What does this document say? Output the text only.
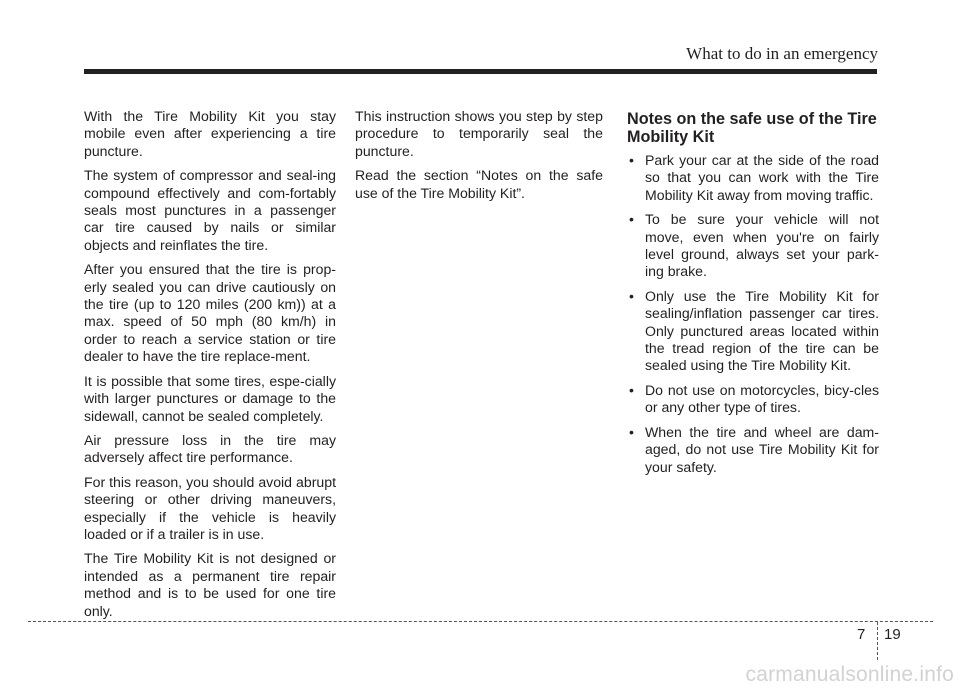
What to do in an emergency

With the Tire Mobility Kit you stay mobile even after experiencing a tire puncture.

The system of compressor and seal-ing compound effectively and com-fortably seals most punctures in a passenger car tire caused by nails or similar objects and reinflates the tire.

After you ensured that the tire is prop-erly sealed you can drive cautiously on the tire (up to 120 miles (200 km)) at a max. speed of 50 mph (80 km/h) in order to reach a service station or tire dealer to have the tire replace-ment.

It is possible that some tires, espe-cially with larger punctures or damage to the sidewall, cannot be sealed completely.

Air pressure loss in the tire may adversely affect tire performance.

For this reason, you should avoid abrupt steering or other driving maneuvers, especially if the vehicle is heavily loaded or if a trailer is in use.

The Tire Mobility Kit is not designed or intended as a permanent tire repair method and is to be used for one tire only.

This instruction shows you step by step procedure to temporarily seal the puncture.

Read the section “Notes on the safe use of the Tire Mobility Kit”.

Notes on the safe use of the Tire Mobility Kit
• Park your car at the side of the road so that you can work with the Tire Mobility Kit away from moving traffic.
• To be sure your vehicle will not move, even when you're on fairly level ground, always set your park-ing brake.
• Only use the Tire Mobility Kit for sealing/inflation passenger car tires. Only punctured areas located within the tread region of the tire can be sealed using the Tire Mobility Kit.
• Do not use on motorcycles, bicy-cles or any other type of tires.
• When the tire and wheel are dam-aged, do not use Tire Mobility Kit for your safety.
7 19
carmanualsonline.info
